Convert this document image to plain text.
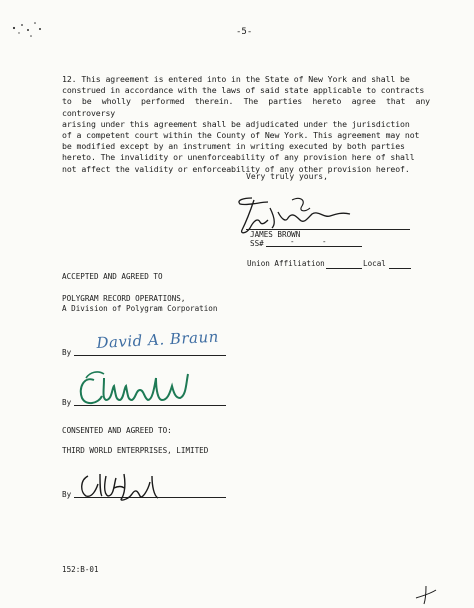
-5-

12. This agreement is entered into in the State of New York and shall be

construed in accordance with the laws of said state applicable to contracts

to be wholly performed therein. The parties hereto agree that any controversy

arising under this agreement shall be adjudicated under the jurisdiction

of a competent court within the County of New York. This agreement may not

be modified except by an instrument in writing executed by both parties

hereto. The invalidity or unenforceability of any provision here of shall

not affect the validity or enforceability of any other provision hereof.

Very truly yours,
JAMES BROWN
SS#	-	-
Union Affiliation	Local
ACCEPTED AND AGREED TO
POLYGRAM RECORD OPERATIONS,
A Division of Polygram Corporation
By
David A. Braun
By
CONSENTED AND AGREED TO:
THIRD WORLD ENTERPRISES, LIMITED
By
152:B-01
